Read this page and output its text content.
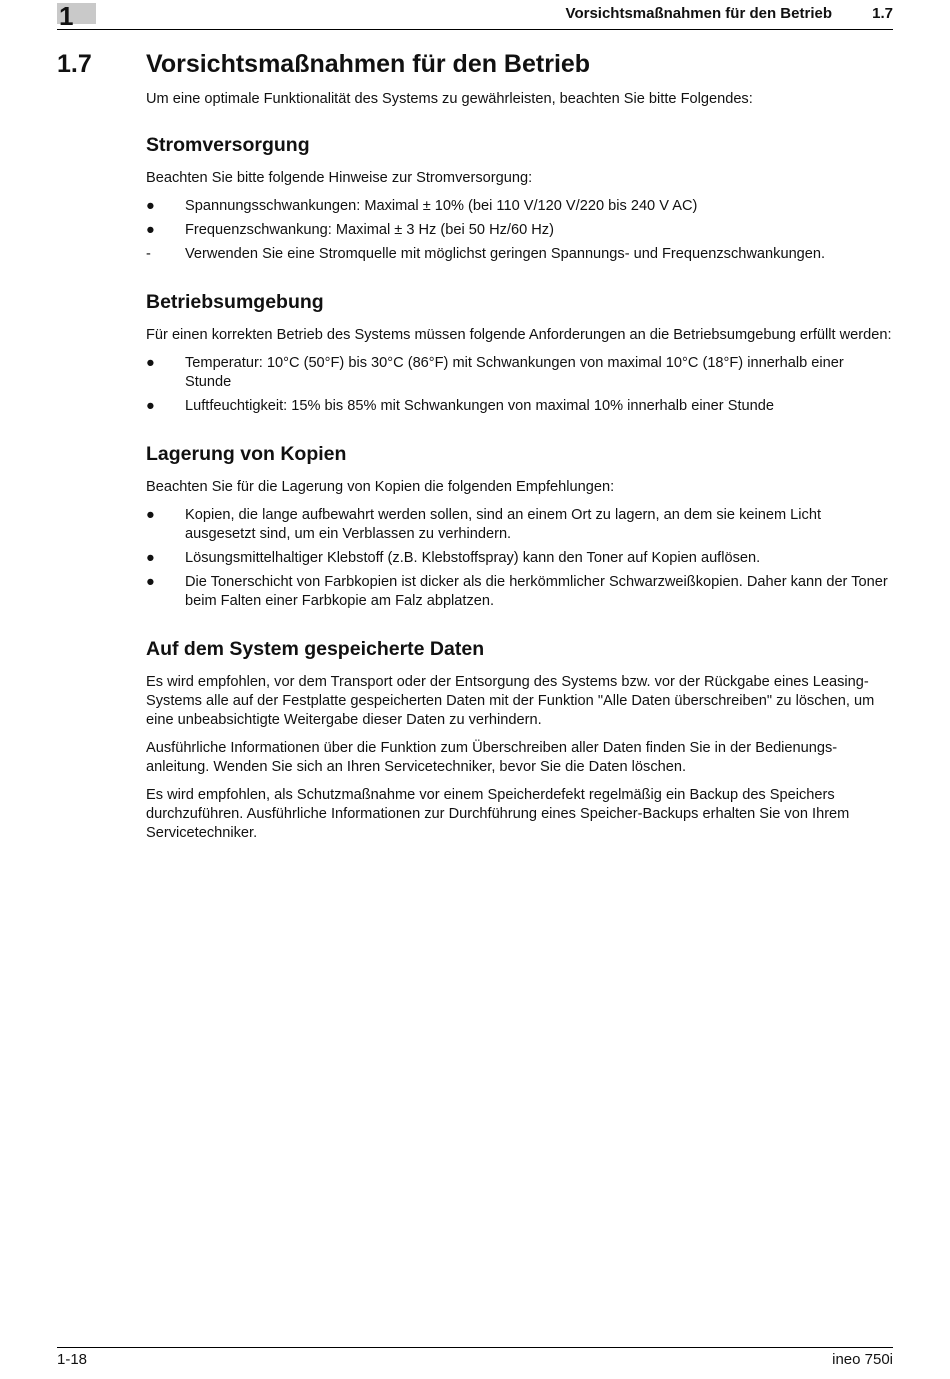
1	Vorsichtsmaßnahmen für den Betrieb	1.7
1.7 Vorsichtsmaßnahmen für den Betrieb

Um eine optimale Funktionalität des Systems zu gewährleisten, beachten Sie bitte Folgendes:

Stromversorgung

Beachten Sie bitte folgende Hinweise zur Stromversorgung:

● Spannungsschwankungen: Maximal ± 10% (bei 110 V/120 V/220 bis 240 V AC)
● Frequenzschwankung: Maximal ± 3 Hz (bei 50 Hz/60 Hz)
-	Verwenden Sie eine Stromquelle mit möglichst geringen Spannungs- und Frequenzschwankungen.
Betriebsumgebung

Für einen korrekten Betrieb des Systems müssen folgende Anforderungen an die Betriebsumgebung erfüllt werden:

● Temperatur: 10°C (50°F) bis 30°C (86°F) mit Schwankungen von maximal 10°C (18°F) innerhalb einer Stunde
● Luftfeuchtigkeit: 15% bis 85% mit Schwankungen von maximal 10% innerhalb einer Stunde
Lagerung von Kopien

Beachten Sie für die Lagerung von Kopien die folgenden Empfehlungen:

● Kopien, die lange aufbewahrt werden sollen, sind an einem Ort zu lagern, an dem sie keinem Licht ausgesetzt sind, um ein Verblassen zu verhindern.
● Lösungsmittelhaltiger Klebstoff (z.B. Klebstoffspray) kann den Toner auf Kopien auflösen.
● Die Tonerschicht von Farbkopien ist dicker als die herkömmlicher Schwarzweißkopien. Daher kann der Toner beim Falten einer Farbkopie am Falz abplatzen.
Auf dem System gespeicherte Daten

Es wird empfohlen, vor dem Transport oder der Entsorgung des Systems bzw. vor der Rückgabe eines Leasing-Systems alle auf der Festplatte gespeicherten Daten mit der Funktion "Alle Daten überschreiben" zu löschen, um eine unbeabsichtigte Weitergabe dieser Daten zu verhindern.

Ausführliche Informationen über die Funktion zum Überschreiben aller Daten finden Sie in der Bedienungs-anleitung. Wenden Sie sich an Ihren Servicetechniker, bevor Sie die Daten löschen.

Es wird empfohlen, als Schutzmaßnahme vor einem Speicherdefekt regelmäßig ein Backup des Speichers durchzuführen. Ausführliche Informationen zur Durchführung eines Speicher-Backups erhalten Sie von Ihrem Servicetechniker.

1-18	ineo 750i
